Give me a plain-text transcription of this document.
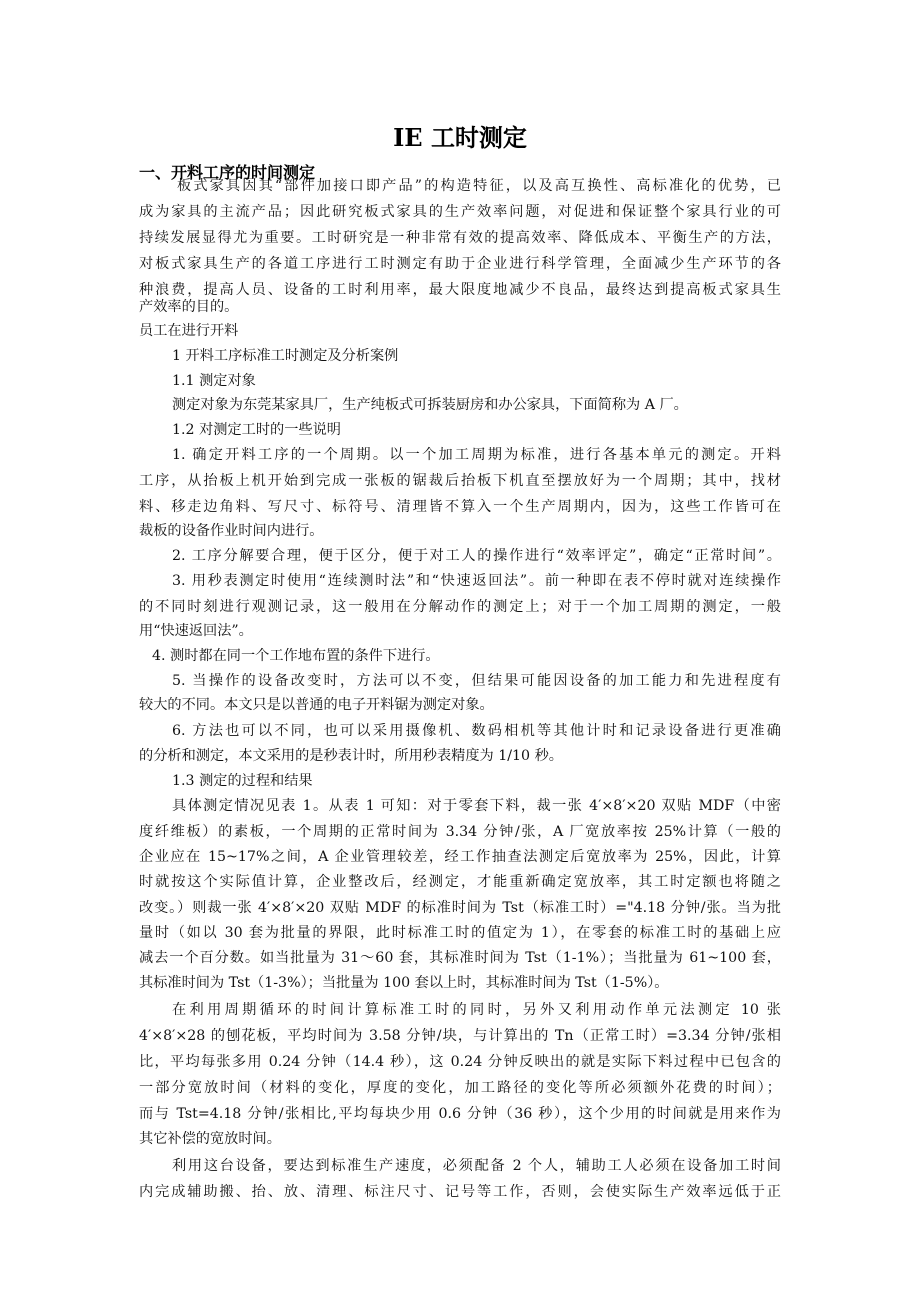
IE 工时测定
一、开料工序的时间测定
板式家具因其“部件加接口即产品”的构造特征，以及高互换性、高标准化的优势，已
成为家具的主流产品；因此研究板式家具的生产效率问题，对促进和保证整个家具行业的可
持续发展显得尤为重要。工时研究是一种非常有效的提高效率、降低成本、平衡生产的方法，
对板式家具生产的各道工序进行工时测定有助于企业进行科学管理，全面减少生产环节的各
种浪费，提高人员、设备的工时利用率，最大限度地减少不良品，最终达到提高板式家具生
产效率的目的。
员工在进行开料
1 开料工序标准工时测定及分析案例
1.1 测定对象
测定对象为东莞某家具厂，生产纯板式可拆装厨房和办公家具，下面简称为 A 厂。
1.2 对测定工时的一些说明
1. 确定开料工序的一个周期。以一个加工周期为标准，进行各基本单元的测定。开料
工序，从抬板上机开始到完成一张板的锯裁后抬板下机直至摆放好为一个周期；其中，找材
料、移走边角料、写尺寸、标符号、清理皆不算入一个生产周期内，因为，这些工作皆可在
裁板的设备作业时间内进行。
2. 工序分解要合理，便于区分，便于对工人的操作进行“效率评定”，确定“正常时间”。
3. 用秒表测定时使用“连续测时法”和“快速返回法”。前一种即在表不停时就对连续操作
的不同时刻进行观测记录，这一般用在分解动作的测定上；对于一个加工周期的测定，一般
用“快速返回法”。
4. 测时都在同一个工作地布置的条件下进行。
5. 当操作的设备改变时，方法可以不变，但结果可能因设备的加工能力和先进程度有
较大的不同。本文只是以普通的电子开料锯为测定对象。
6. 方法也可以不同，也可以采用摄像机、数码相机等其他计时和记录设备进行更准确
的分析和测定，本文采用的是秒表计时，所用秒表精度为 1/10 秒。
1.3 测定的过程和结果
具体测定情况见表 1。从表 1 可知：对于零套下料，裁一张 4′×8′×20 双贴 MDF（中密
度纤维板）的素板，一个周期的正常时间为 3.34 分钟/张，A 厂宽放率按 25%计算（一般的
企业应在 15~17%之间，A 企业管理较差，经工作抽查法测定后宽放率为 25%，因此，计算
时就按这个实际值计算，企业整改后，经测定，才能重新确定宽放率，其工时定额也将随之
改变。）则裁一张 4′×8′×20 双贴 MDF 的标准时间为 Tst（标准工时）="4.18 分钟/张。当为批
量时（如以 30 套为批量的界限，此时标准工时的值定为 1），在零套的标准工时的基础上应
减去一个百分数。如当批量为 31～60 套，其标准时间为 Tst（1-1%）；当批量为 61~100 套，
其标准时间为 Tst（1-3%）；当批量为 100 套以上时，其标准时间为 Tst（1-5%）。
在利用周期循环的时间计算标准工时的同时，另外又利用动作单元法测定 10 张
4′×8′×28 的刨花板，平均时间为 3.58 分钟/块，与计算出的 Tn（正常工时）=3.34 分钟/张相
比，平均每张多用 0.24 分钟（14.4 秒），这 0.24 分钟反映出的就是实际下料过程中已包含的
一部分宽放时间（材料的变化，厚度的变化，加工路径的变化等所必须额外花费的时间）；
而与 Tst=4.18 分钟/张相比,平均每块少用 0.6 分钟（36 秒），这个少用的时间就是用来作为
其它补偿的宽放时间。
利用这台设备，要达到标准生产速度，必须配备 2 个人，辅助工人必须在设备加工时间
内完成辅助搬、抬、放、清理、标注尺寸、记号等工作，否则，会使实际生产效率远低于正
